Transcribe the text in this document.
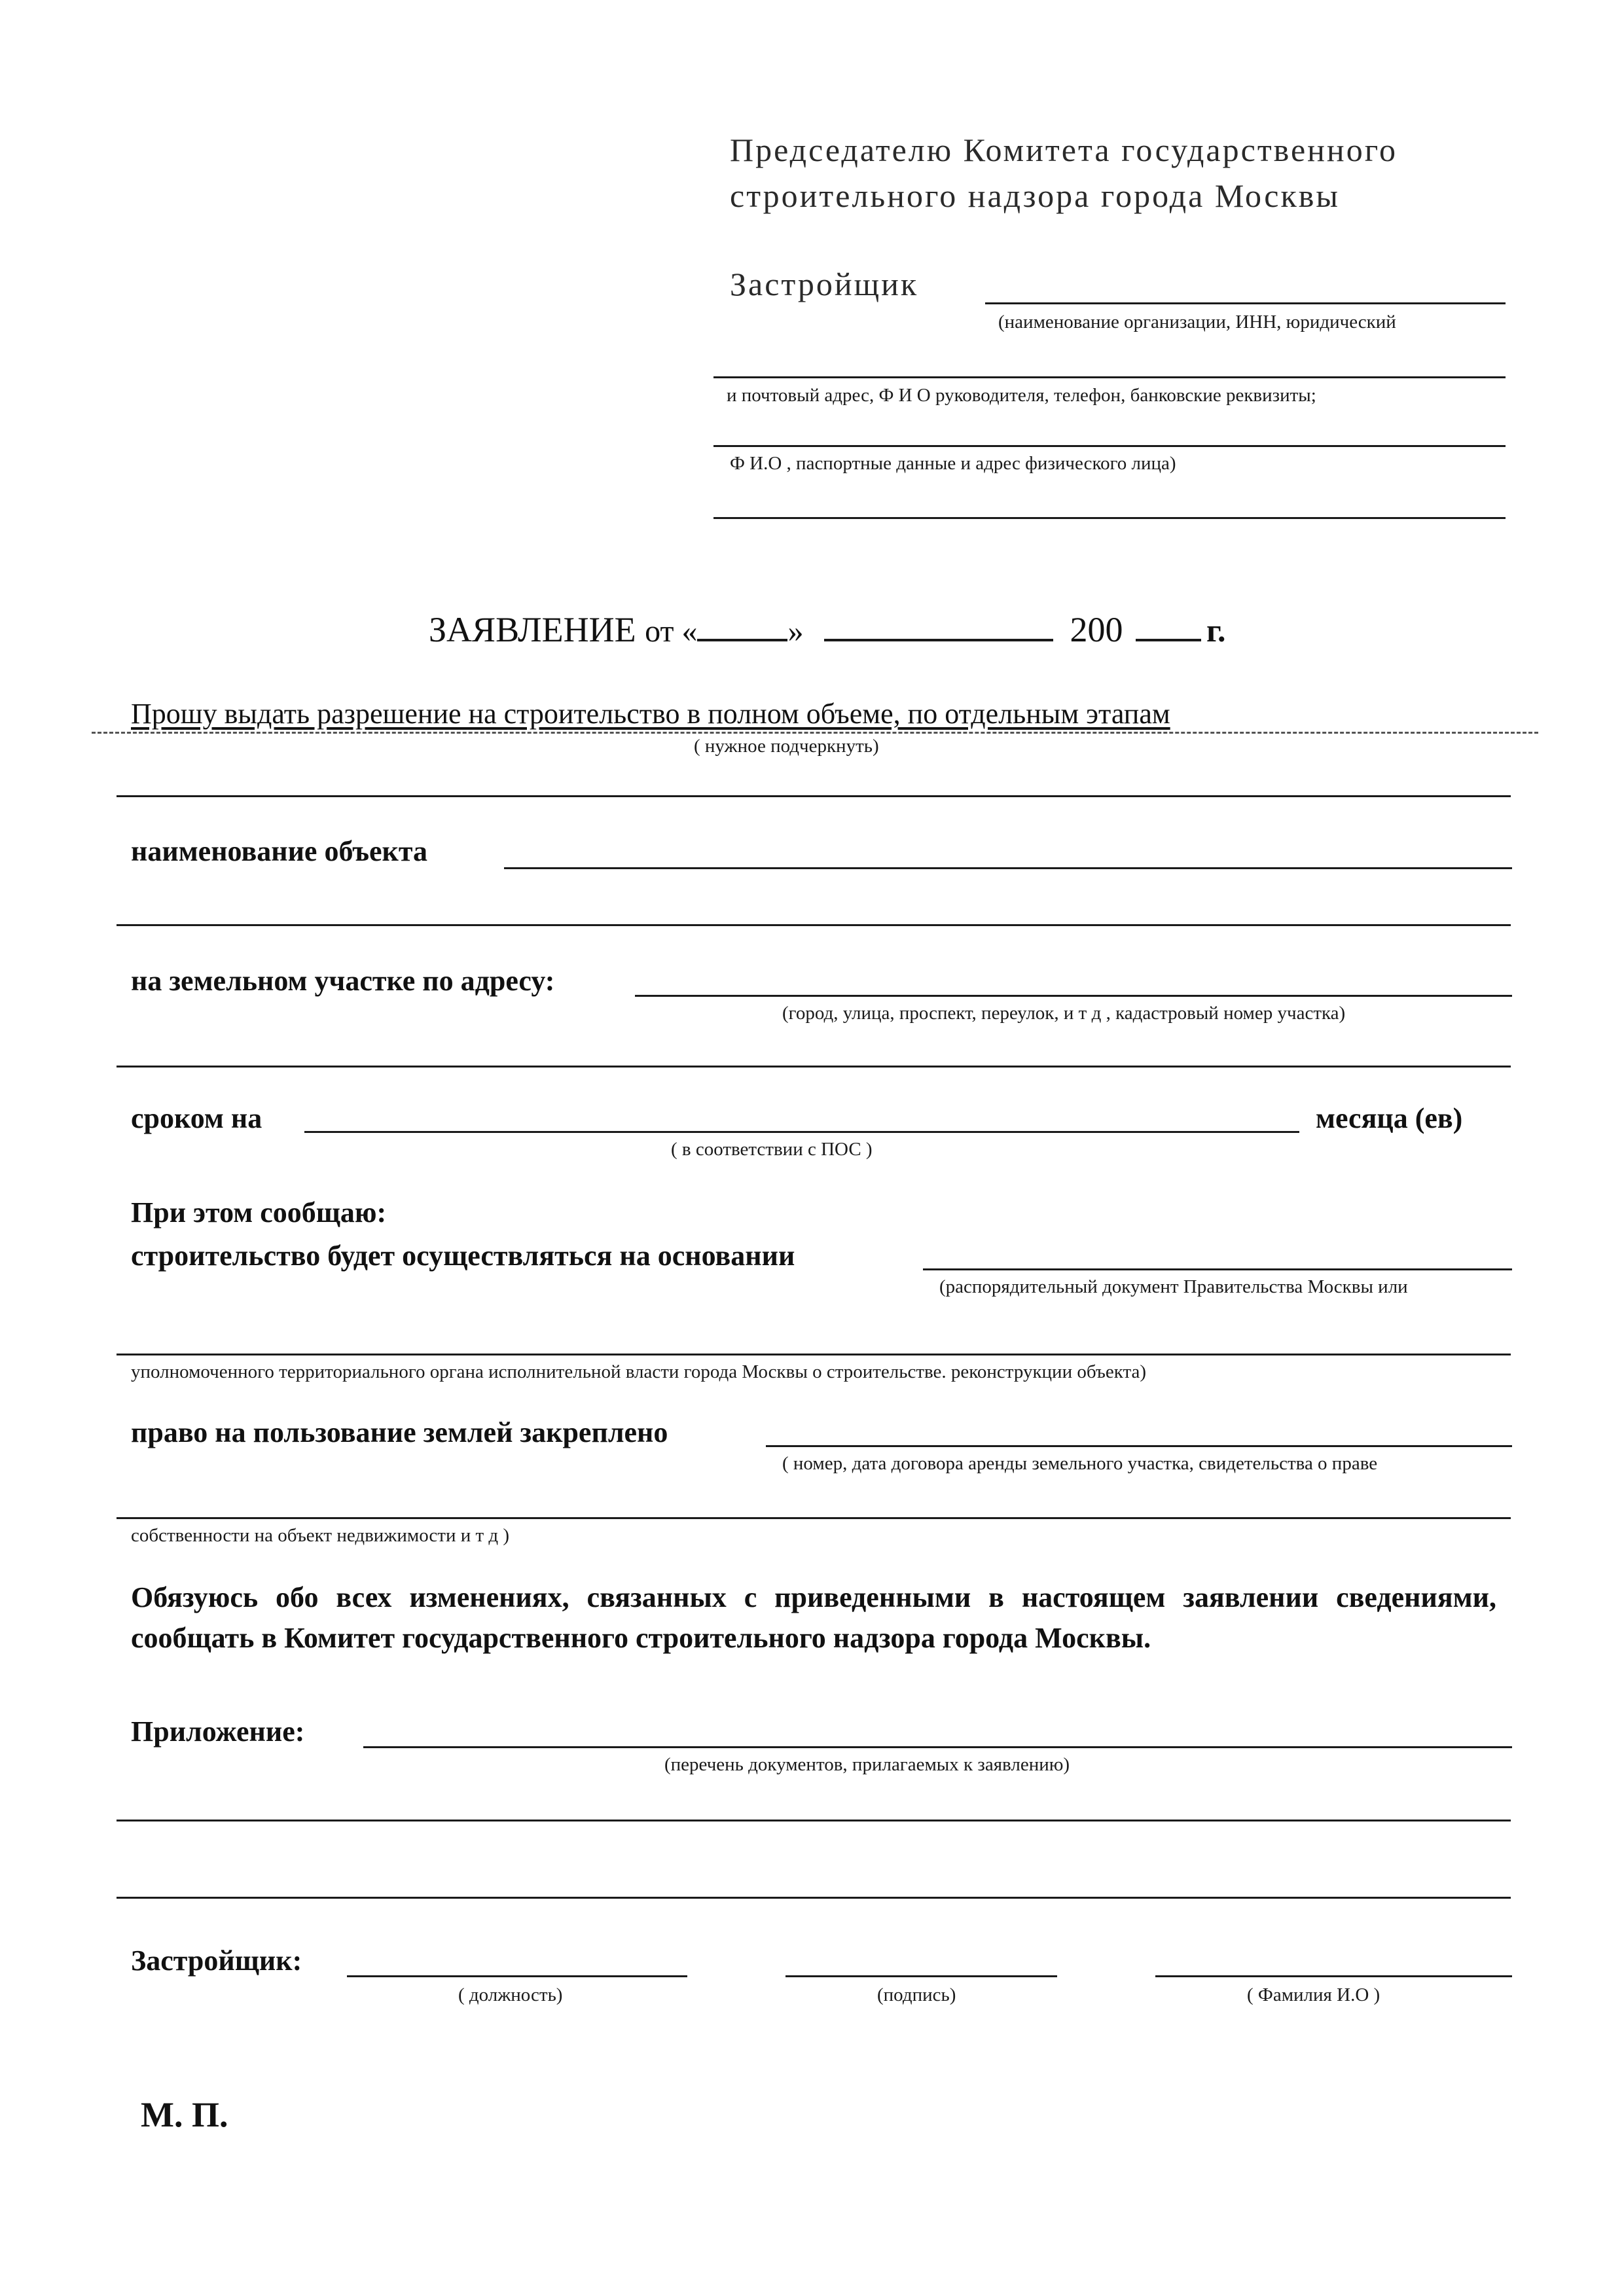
Председателю Комитета государственного
строительного надзора города Москвы
Застройщик
(наименование организации, ИНН, юридический
и почтовый адрес, Ф И О руководителя, телефон, банковские реквизиты;
Ф И.О , паспортные данные и адрес физического лица)
ЗАЯВЛЕНИЕ от «	»	200	г.
Прошу выдать разрешение на строительство в полном объеме, по отдельным этапам
( нужное подчеркнуть)
наименование объекта
на земельном участке по адресу:
(город, улица, проспект, переулок, и т д , кадастровый номер участка)
сроком на	месяца (ев)
( в соответствии с ПОС )
При этом сообщаю:
строительство будет осуществляться на основании
(распорядительный документ Правительства Москвы или
уполномоченного территориального органа исполнительной власти города Москвы о строительстве. реконструкции объекта)
право на пользование землей закреплено
( номер, дата договора аренды земельного участка, свидетельства о праве
собственности на объект недвижимости и т д )
Обязуюсь обо всех изменениях, связанных с приведенными в настоящем заявлении сведениями, сообщать в Комитет государственного строительного надзора города Москвы.
Приложение:
(перечень документов, прилагаемых к заявлению)
Застройщик:
( должность)	(подпись)	( Фамилия И.О )
М. П.
